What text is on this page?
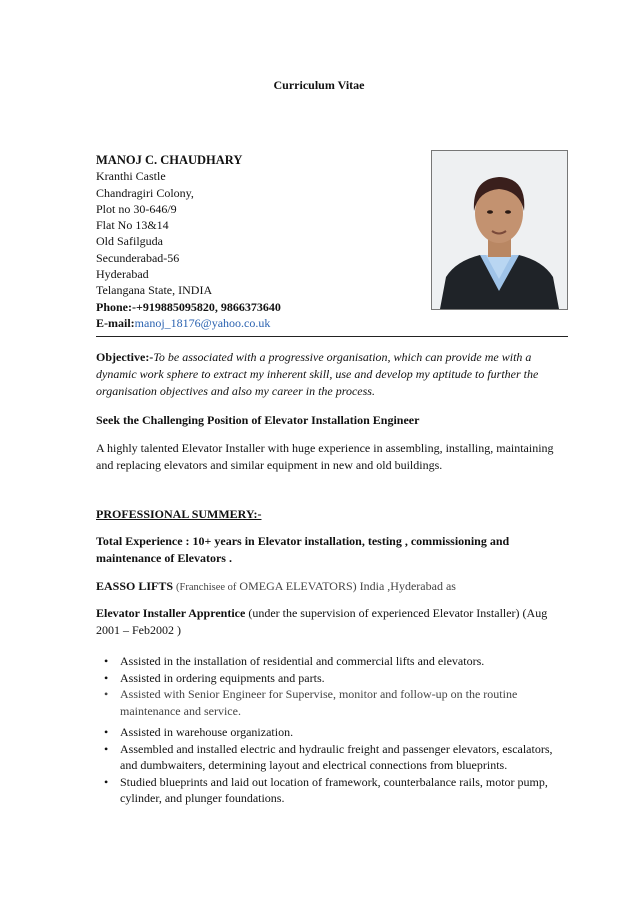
Curriculum Vitae
MANOJ C. CHAUDHARY
Kranthi Castle
Chandragiri Colony,
Plot no 30-646/9
Flat No 13&14
Old Safilguda
Secunderabad-56
Hyderabad
Telangana State, INDIA
Phone:-+919885095820, 9866373640
E-mail:manoj_18176@yahoo.co.uk
Objective:-To be associated with a progressive organisation, which can provide me with a dynamic work sphere to extract my inherent skill, use and develop my aptitude to further the organisation objectives and also my career in the process.
Seek the Challenging Position of Elevator Installation Engineer
A highly talented Elevator Installer with huge experience in assembling, installing, maintaining and replacing elevators and similar equipment in new and old buildings.
PROFESSIONAL SUMMERY:-
Total Experience : 10+ years in Elevator installation, testing , commissioning and maintenance of Elevators .
EASSO LIFTS (Franchisee of OMEGA ELEVATORS) India ,Hyderabad as
Elevator Installer Apprentice (under the supervision of experienced Elevator Installer) (Aug 2001 – Feb2002 )
• Assisted in the installation of residential and commercial lifts and elevators.
• Assisted in ordering equipments and parts.
• Assisted with Senior Engineer for Supervise, monitor and follow-up on the routine maintenance and service.
• Assisted in warehouse organization.
• Assembled and installed electric and hydraulic freight and passenger elevators, escalators, and dumbwaiters, determining layout and electrical connections from blueprints.
• Studied blueprints and laid out location of framework, counterbalance rails, motor pump, cylinder, and plunger foundations.
